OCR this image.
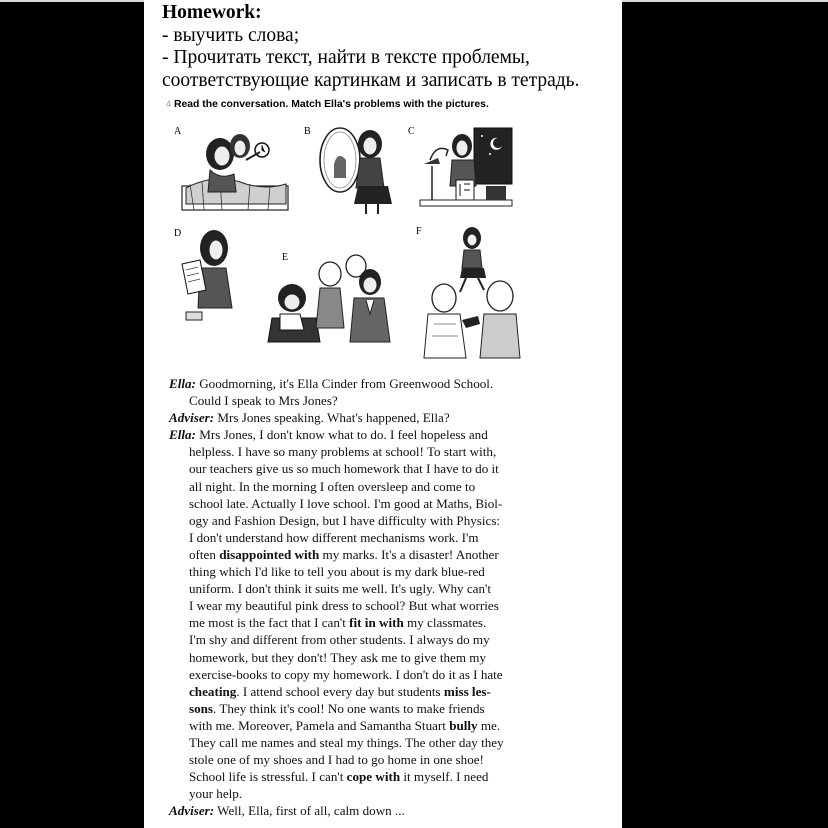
Homework:
- выучить слова;
- Прочитать текст, найти в тексте проблемы,
соответствующие картинкам и записать в тетрадь.
4 Read the conversation. Match Ella's problems with the pictures.
A	B	C
D
E
F

Ella: Goodmorning, it's Ella Cinder from Greenwood School.
Could I speak to Mrs Jones?

Adviser: Mrs Jones speaking. What's happened, Ella?

Ella: Mrs Jones, I don't know what to do. I feel hopeless and
helpless. I have so many problems at school! To start with,
our teachers give us so much homework that I have to do it
all night. In the morning I often oversleep and come to
school late. Actually I love school. I'm good at Maths, Biol-
ogy and Fashion Design, but I have difficulty with Physics:
I don't understand how different mechanisms work. I'm
often disappointed with my marks. It's a disaster! Another
thing which I'd like to tell you about is my dark blue-red
uniform. I don't think it suits me well. It's ugly. Why can't
I wear my beautiful pink dress to school? But what worries
me most is the fact that I can't fit in with my classmates.
I'm shy and different from other students. I always do my
homework, but they don't! They ask me to give them my
exercise-books to copy my homework. I don't do it as I hate
cheating. I attend school every day but students miss les-
sons. They think it's cool! No one wants to make friends
with me. Moreover, Pamela and Samantha Stuart bully me.
They call me names and steal my things. The other day they
stole one of my shoes and I had to go home in one shoe!
School life is stressful. I can't cope with it myself. I need
your help.

Adviser: Well, Ella, first of all, calm down ...
